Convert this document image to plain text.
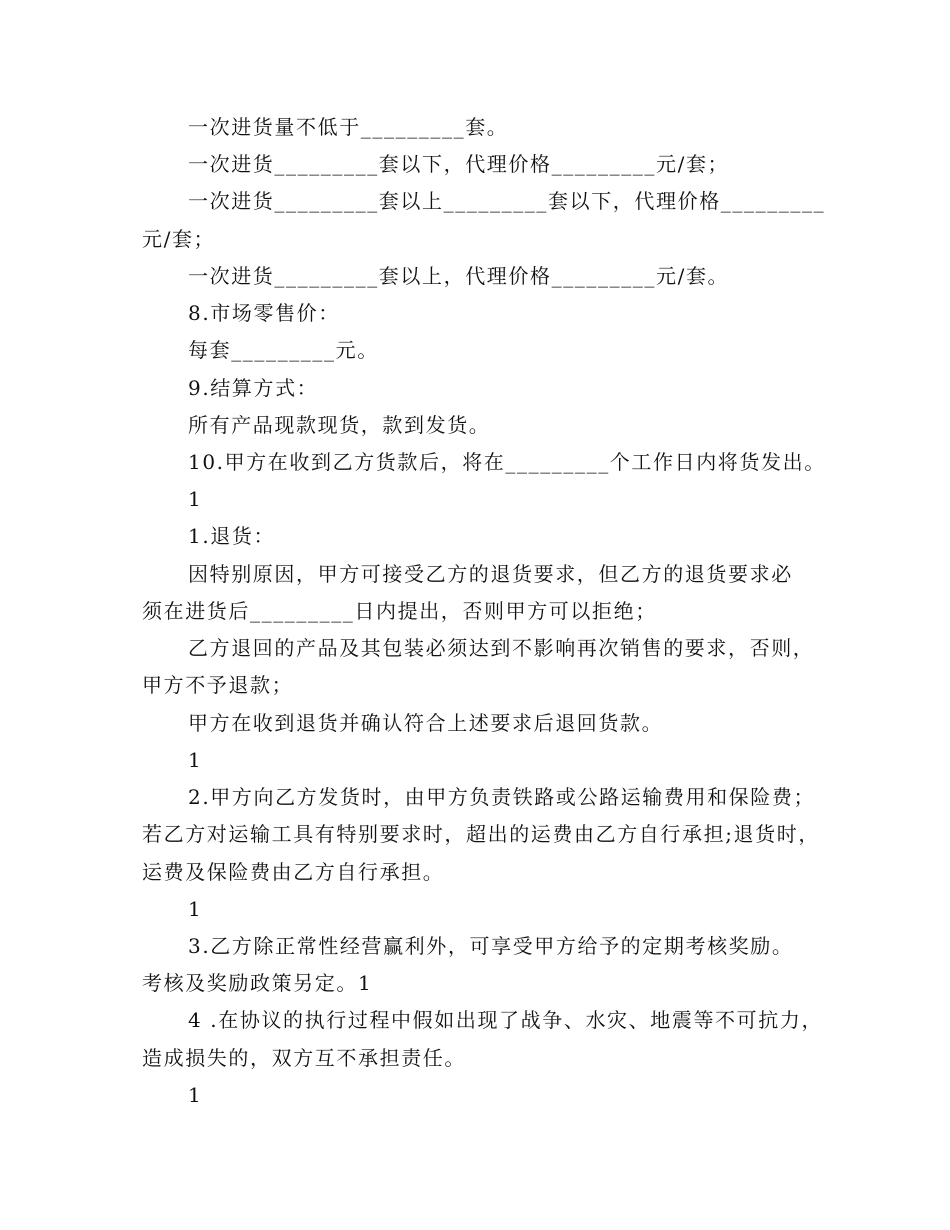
一次进货量不低于_________套。
一次进货_________套以下，代理价格_________元/套；
一次进货_________套以上_________套以下，代理价格_________
元/套；
一次进货_________套以上，代理价格_________元/套。
8.市场零售价：
每套_________元。
9.结算方式：
所有产品现款现货，款到发货。
10.甲方在收到乙方货款后，将在_________个工作日内将货发出。
1
1.退货：
因特别原因，甲方可接受乙方的退货要求，但乙方的退货要求必
须在进货后_________日内提出，否则甲方可以拒绝；
乙方退回的产品及其包装必须达到不影响再次销售的要求，否则，
甲方不予退款；
甲方在收到退货并确认符合上述要求后退回货款。
1
2.甲方向乙方发货时，由甲方负责铁路或公路运输费用和保险费；
若乙方对运输工具有特别要求时，超出的运费由乙方自行承担;退货时，
运费及保险费由乙方自行承担。
1
3.乙方除正常性经营赢利外，可享受甲方给予的定期考核奖励。
考核及奖励政策另定。1
4 .在协议的执行过程中假如出现了战争、水灾、地震等不可抗力，
造成损失的，双方互不承担责任。
1
